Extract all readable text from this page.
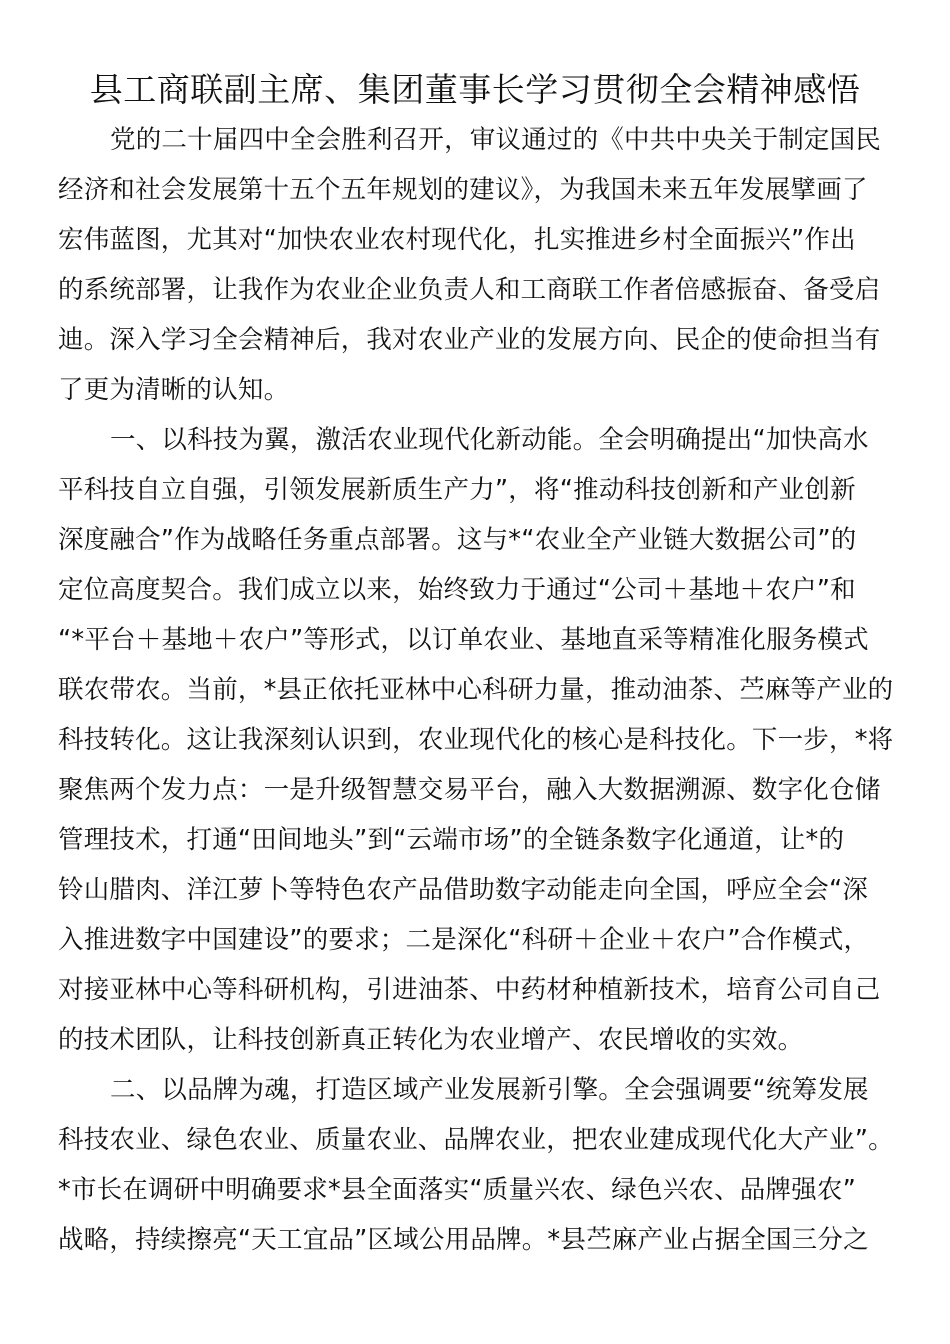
县工商联副主席、集团董事长学习贯彻全会精神感悟
党的二十届四中全会胜利召开，审议通过的《中共中央关于制定国民
经济和社会发展第十五个五年规划的建议》，为我国未来五年发展擘画了
宏伟蓝图，尤其对“加快农业农村现代化，扎实推进乡村全面振兴”作出
的系统部署，让我作为农业企业负责人和工商联工作者倍感振奋、备受启
迪。深入学习全会精神后，我对农业产业的发展方向、民企的使命担当有
了更为清晰的认知。
一、以科技为翼，激活农业现代化新动能。全会明确提出“加快高水
平科技自立自强，引领发展新质生产力”，将“推动科技创新和产业创新
深度融合”作为战略任务重点部署。这与*“农业全产业链大数据公司”的
定位高度契合。我们成立以来，始终致力于通过“公司＋基地＋农户”和
“*平台＋基地＋农户”等形式，以订单农业、基地直采等精准化服务模式
联农带农。当前，*县正依托亚林中心科研力量，推动油茶、苎麻等产业的
科技转化。这让我深刻认识到，农业现代化的核心是科技化。下一步，*将
聚焦两个发力点：一是升级智慧交易平台，融入大数据溯源、数字化仓储
管理技术，打通“田间地头”到“云端市场”的全链条数字化通道，让*的
铃山腊肉、洋江萝卜等特色农产品借助数字动能走向全国，呼应全会“深
入推进数字中国建设”的要求；二是深化“科研＋企业＋农户”合作模式，
对接亚林中心等科研机构，引进油茶、中药材种植新技术，培育公司自己
的技术团队，让科技创新真正转化为农业增产、农民增收的实效。
二、以品牌为魂，打造区域产业发展新引擎。全会强调要“统筹发展
科技农业、绿色农业、质量农业、品牌农业，把农业建成现代化大产业”。
*市长在调研中明确要求*县全面落实“质量兴农、绿色兴农、品牌强农”
战略，持续擦亮“天工宜品”区域公用品牌。*县苎麻产业占据全国三分之
